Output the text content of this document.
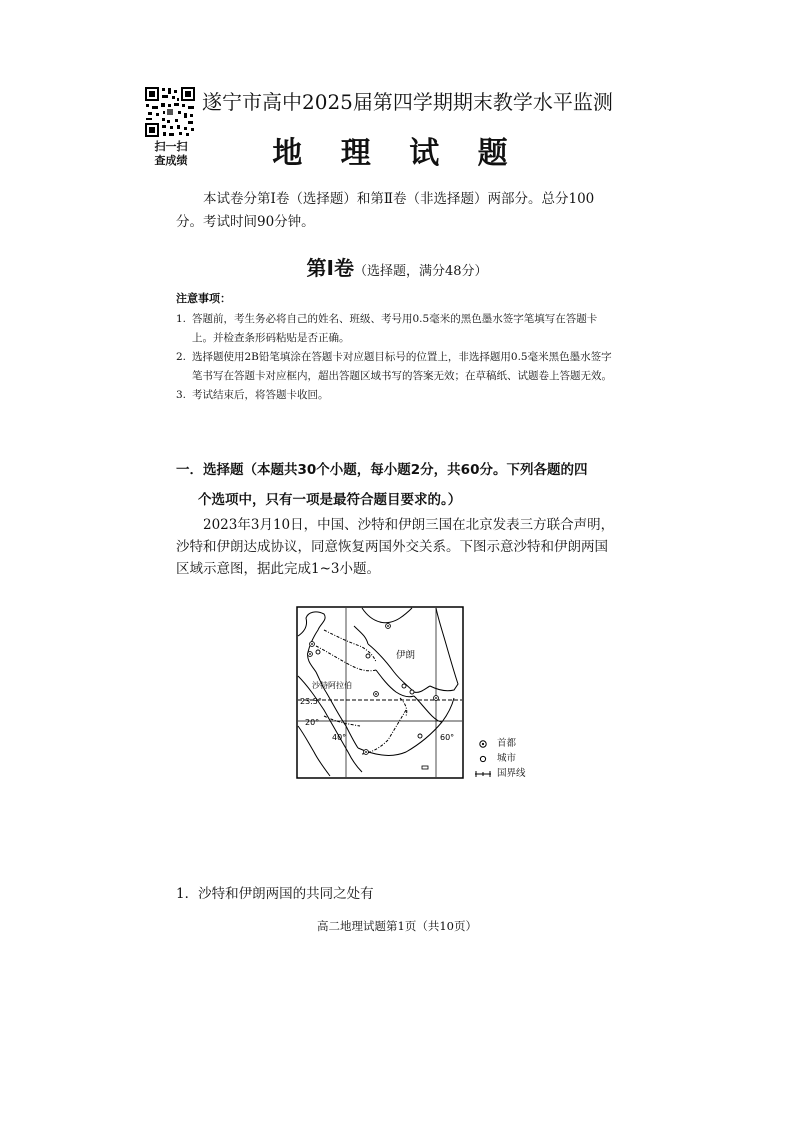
扫一扫
查成绩
遂宁市高中2025届第四学期期末教学水平监测
地 理 试 题
本试卷分第Ⅰ卷（选择题）和第Ⅱ卷（非选择题）两部分。总分100分。考试时间90分钟。
第Ⅰ卷（选择题，满分48分）
注意事项：
1. 答题前，考生务必将自己的姓名、班级、考号用0.5毫米的黑色墨水签字笔填写在答题卡上。并检查条形码粘贴是否正确。
2. 选择题使用2B铅笔填涂在答题卡对应题目标号的位置上，非选择题用0.5毫米黑色墨水签字笔书写在答题卡对应框内，超出答题区域书写的答案无效；在草稿纸、试题卷上答题无效。
3. 考试结束后，将答题卡收回。
一．选择题（本题共30个小题，每小题2分，共60分。下列各题的四
个选项中，只有一项是最符合题目要求的。）
2023年3月10日，中国、沙特和伊朗三国在北京发表三方联合声明，沙特和伊朗达成协议，同意恢复两国外交关系。下图示意沙特和伊朗两国区域示意图，据此完成1~3小题。
伊朗
沙特阿拉伯
23.5°
20°
40°	60°
首都
城市
国界线
1．沙特和伊朗两国的共同之处有
高二地理试题第1页（共10页）
